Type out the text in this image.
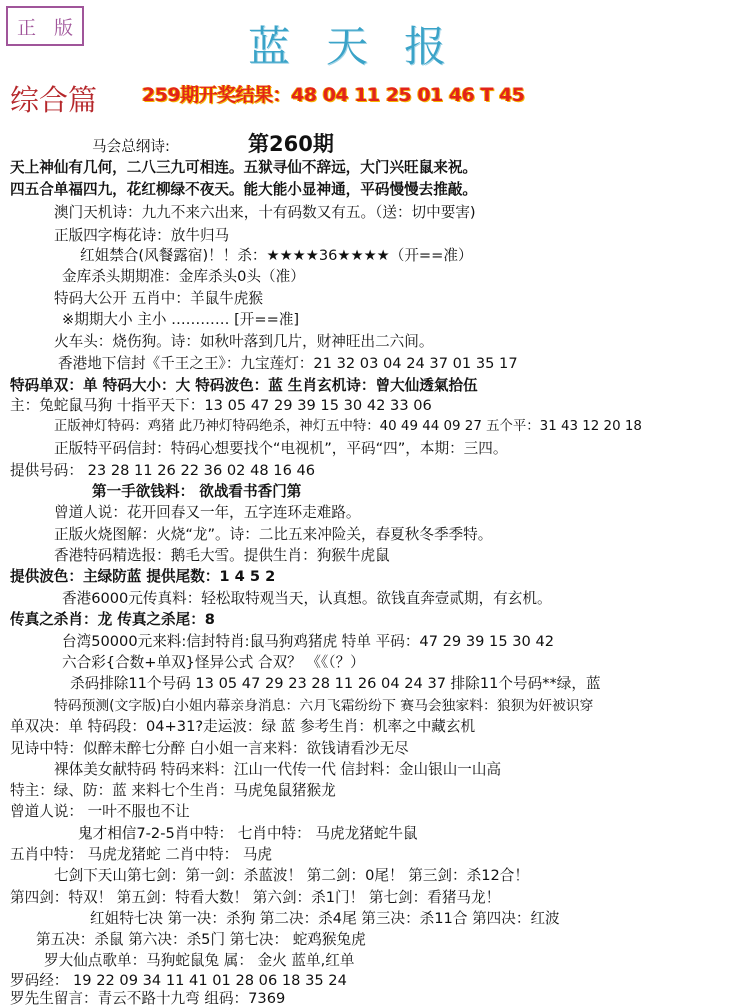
正 版	蓝天报
综合篇 259期开奖结果：48 04 11 25 01 46 T 45
第260期
马会总纲诗:
天上神仙有几何，二八三九可相连。五狱寻仙不辞远，大门兴旺鼠来祝。
四五合单福四九，花红柳绿不夜天。能大能小显神通，平码慢慢去推敲。
澳门天机诗：九九不来六出来，十有码数又有五。（送：切中要害)
正版四字梅花诗：放牛归马
红姐禁合(风餐露宿)！！杀：★★★★36★★★★（开==准）
金库杀头期期准：金库杀头0头（准）
特码大公开 五肖中：羊鼠牛虎猴
※期期大小 主小 ………… [开==准]
火车头：烧伤狗。诗：如秋叶落到几片，财神旺出二六间。
香港地下信封《千王之王》：九宝莲灯：21 32 03 04 24 37 01 35 17
特码单双：单 特码大小：大 特码波色：蓝 生肖玄机诗：曾大仙透氣拾伍
主：兔蛇鼠马狗 十指平天下：13 05 47 29 39 15 30 42 33 06
正版神灯特码：鸡猪 此乃神灯特码绝杀，神灯五中特：40 49 44 09 27 五个平：31 43 12 20 18
正版特平码信封：特码心想要找个“电视机”，平码“四”，本期：三四。
提供号码： 23 28 11 26 22 36 02 48 16 46
第一手欲钱料： 欲战看书香门第
曾道人说：花开回春又一年，五字连环走难路。
正版火烧图解：火烧“龙”。诗：二比五来冲险关，春夏秋冬季季特。
香港特码精选报：鹅毛大雪。提供生肖：狗猴牛虎鼠
提供波色：主绿防蓝 提供尾数：1 4 5 2
香港6000元传真料：轻松取特观当天，认真想。欲钱直奔壹贰期，有玄机。
传真之杀肖：龙 传真之杀尾：8
台湾50000元来料:信封特肖:鼠马狗鸡猪虎 特单 平码：47 29 39 15 30 42
六合彩{合数+单双}怪异公式 合双？ 《《（？）
杀码排除11个号码 13 05 47 29 23 28 11 26 04 24 37 排除11个号码**绿，蓝
特码预测(文字版)白小姐内幕亲身消息：六月飞霜纷纷下 赛马会独家料：狼狈为奸被识穿
单双决：单 特码段：04+31?走运波：绿 蓝 参考生肖：机率之中藏玄机
见诗中特：似醉未醉七分醉 白小姐一言来料：欲钱请看沙无尽
裸体美女献特码 特码来料：江山一代传一代 信封料：金山银山一山高
特主：绿、防：蓝 来料七个生肖：马虎兔鼠猪猴龙
曾道人说： 一叶不服也不让
鬼才相信7-2-5肖中特： 七肖中特： 马虎龙猪蛇牛鼠
五肖中特： 马虎龙猪蛇 二肖中特： 马虎
七剑下天山第七剑：第一剑：杀蓝波！ 第二剑：0尾！ 第三剑：杀12合！
第四剑：特双！ 第五剑：特看大数！ 第六剑：杀1门！ 第七剑：看猪马龙！
红姐特七决 第一决：杀狗 第二决：杀4尾 第三决：杀11合 第四决：红波
第五决：杀鼠 第六决：杀5门 第七决： 蛇鸡猴兔虎
罗大仙点歌单：马狗蛇鼠兔 属： 金火 蓝单,红单
罗码经： 19 22 09 34 11 41 01 28 06 18 35 24
罗先生留言：青云不路十九弯 组码：7369
